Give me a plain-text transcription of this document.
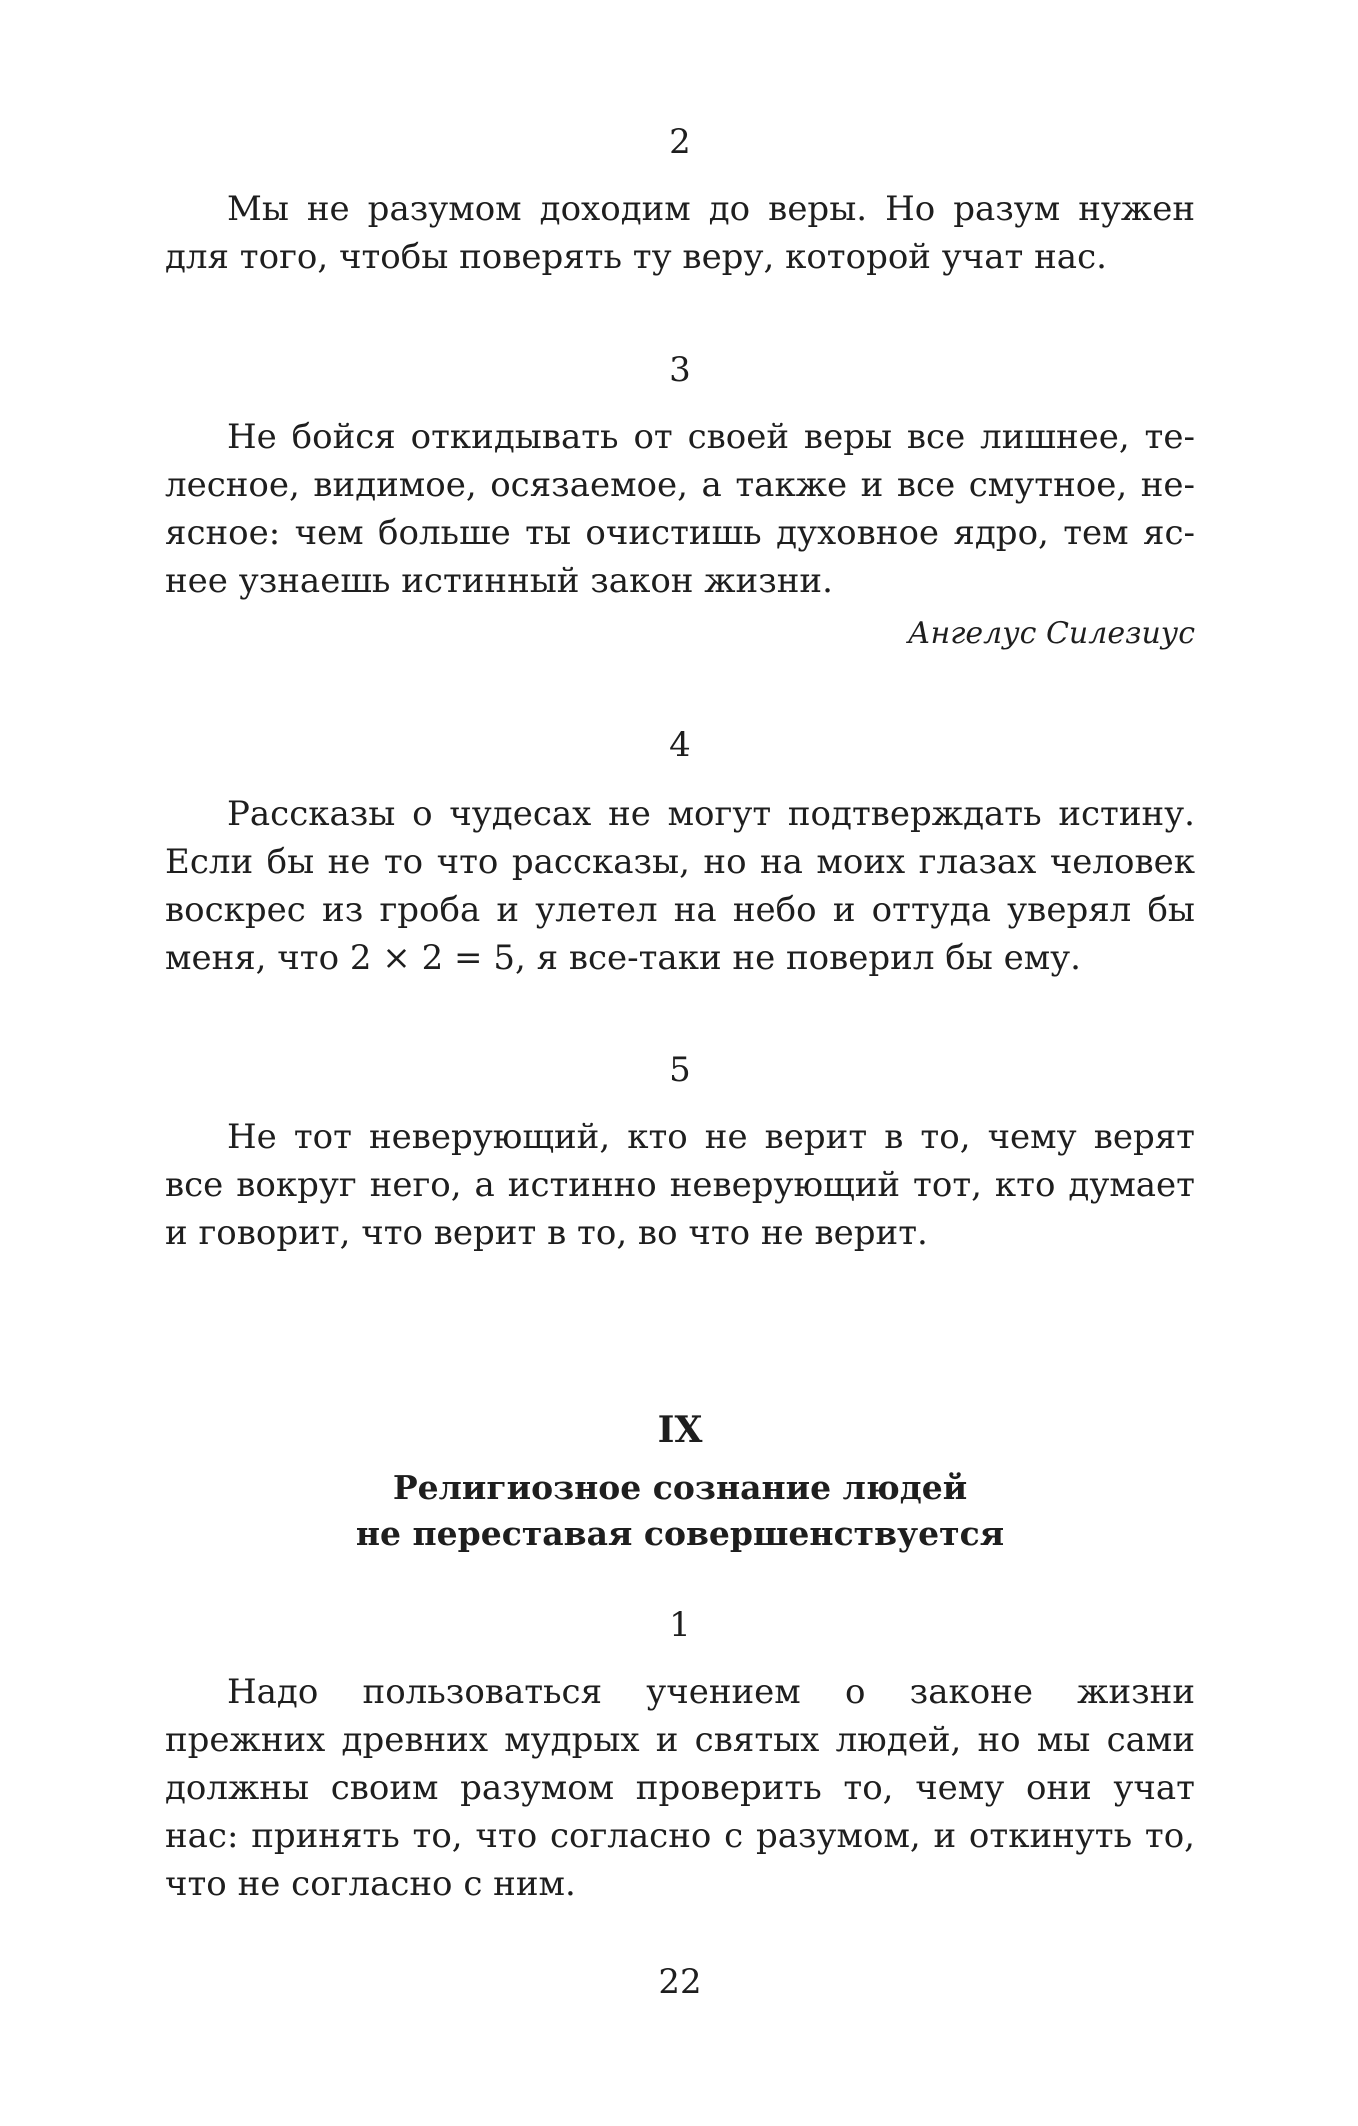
2

Мы не разумом доходим до веры. Но разум нужен для того, чтобы поверять ту веру, которой учат нас.

3

Не бойся откидывать от своей веры все лишнее, телесное, видимое, осязаемое, а также и все смутное, неясное: чем больше ты очистишь духовное ядро, тем яснее узнаешь истинный закон жизни.

Ангелус Силезиус
4

Рассказы о чудесах не могут подтверждать истину. Если бы не то что рассказы, но на моих глазах человек воскрес из гроба и улетел на небо и оттуда уверял бы меня, что 2 × 2 = 5, я все-таки не поверил бы ему.

5

Не тот неверующий, кто не верит в то, чему верят все вокруг него, а истинно неверующий тот, кто думает и говорит, что верит в то, во что не верит.

IX
Религиозное сознание людей
не переставая совершенствуется
1

Надо пользоваться учением о законе жизни прежних древних мудрых и святых людей, но мы сами должны своим разумом проверить то, чему они учат нас: принять то, что согласно с разумом, и откинуть то, что не согласно с ним.

22
